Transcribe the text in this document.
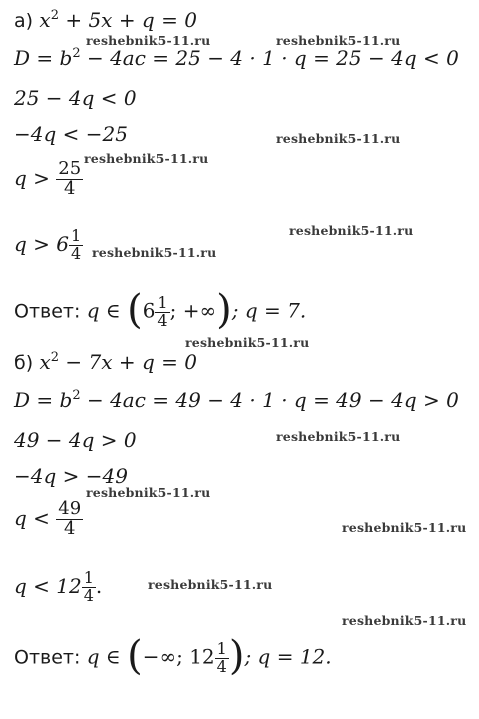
а) $x^2 + 5x + q = 0$
$D = b^2 - 4ac = 25 - 4 \cdot 1 \cdot q = 25 - 4q < 0$
25 − 4q < 0
−4q < −25
$q > \frac{25}{4}$
$q > 6 \frac{1}{4}$
Ответ: q ∈ ($6 \frac{1}{4}$ ; +∞); q = 7.
б) $x^2 - 7x + q = 0$
$D = b^2 - 4ac = 49 - 4 \cdot 1 \cdot q = 49 - 4q > 0$
49 − 4q > 0
−4q > −49
$q < \frac{49}{4}$
$q < 12 \frac{1}{4}$ .
Ответ: q ∈ (−∞; $12 \frac{1}{4}$ ); q = 12.
reshebnik5-11.ru	reshebnik5-11.ru
reshebnik5-11.ru
reshebnik5-11.ru
reshebnik5-11.ru
reshebnik5-11.ru
reshebnik5-11.ru
reshebnik5-11.ru
reshebnik5-11.ru
reshebnik5-11.ru
reshebnik5-11.ru
reshebnik5-11.ru
